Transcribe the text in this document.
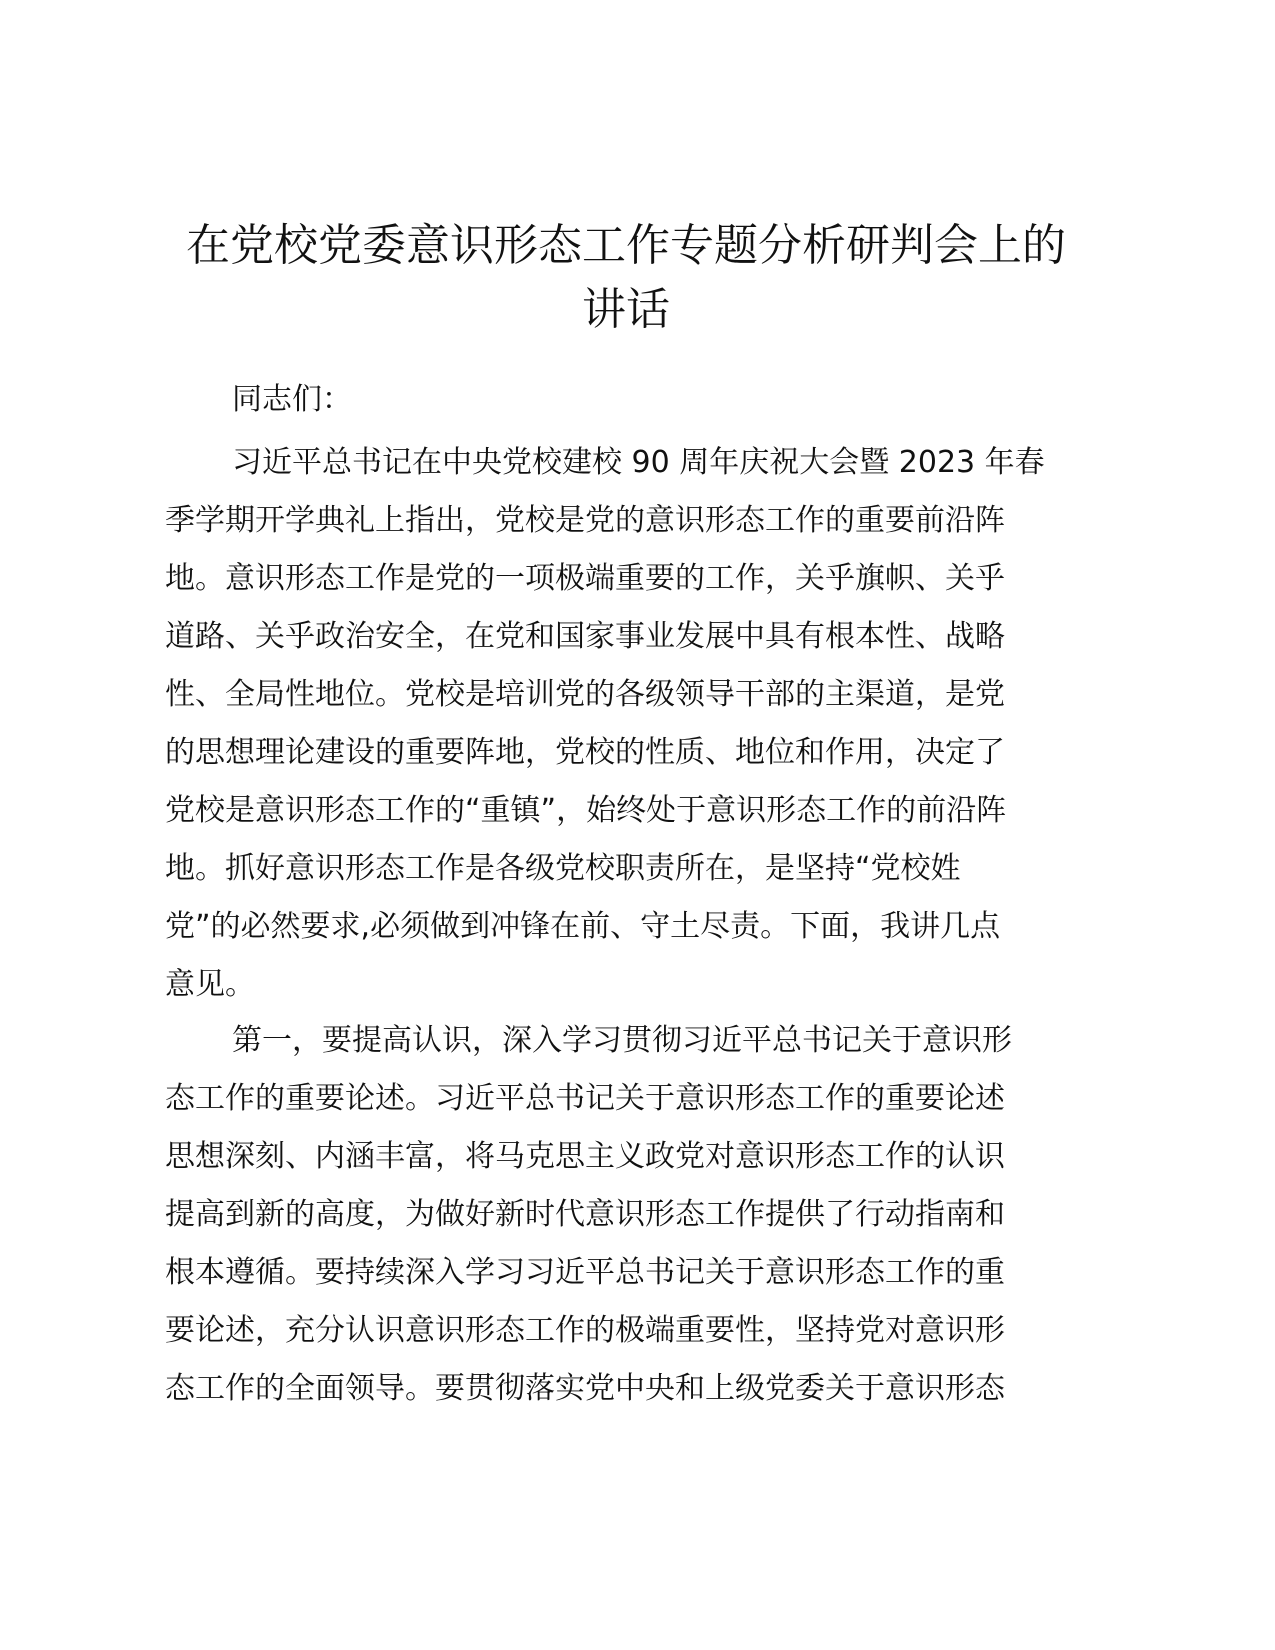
在党校党委意识形态工作专题分析研判会上的
讲话

同志们：

习近平总书记在中央党校建校 90 周年庆祝大会暨 2023 年春
季学期开学典礼上指出，党校是党的意识形态工作的重要前沿阵
地。意识形态工作是党的一项极端重要的工作，关乎旗帜、关乎
道路、关乎政治安全，在党和国家事业发展中具有根本性、战略
性、全局性地位。党校是培训党的各级领导干部的主渠道，是党
的思想理论建设的重要阵地，党校的性质、地位和作用，决定了
党校是意识形态工作的“重镇”，始终处于意识形态工作的前沿阵
地。抓好意识形态工作是各级党校职责所在，是坚持“党校姓
党”的必然要求,必须做到冲锋在前、守土尽责。下面，我讲几点
意见。

第一，要提高认识，深入学习贯彻习近平总书记关于意识形
态工作的重要论述。习近平总书记关于意识形态工作的重要论述
思想深刻、内涵丰富，将马克思主义政党对意识形态工作的认识
提高到新的高度，为做好新时代意识形态工作提供了行动指南和
根本遵循。要持续深入学习习近平总书记关于意识形态工作的重
要论述，充分认识意识形态工作的极端重要性，坚持党对意识形
态工作的全面领导。要贯彻落实党中央和上级党委关于意识形态
